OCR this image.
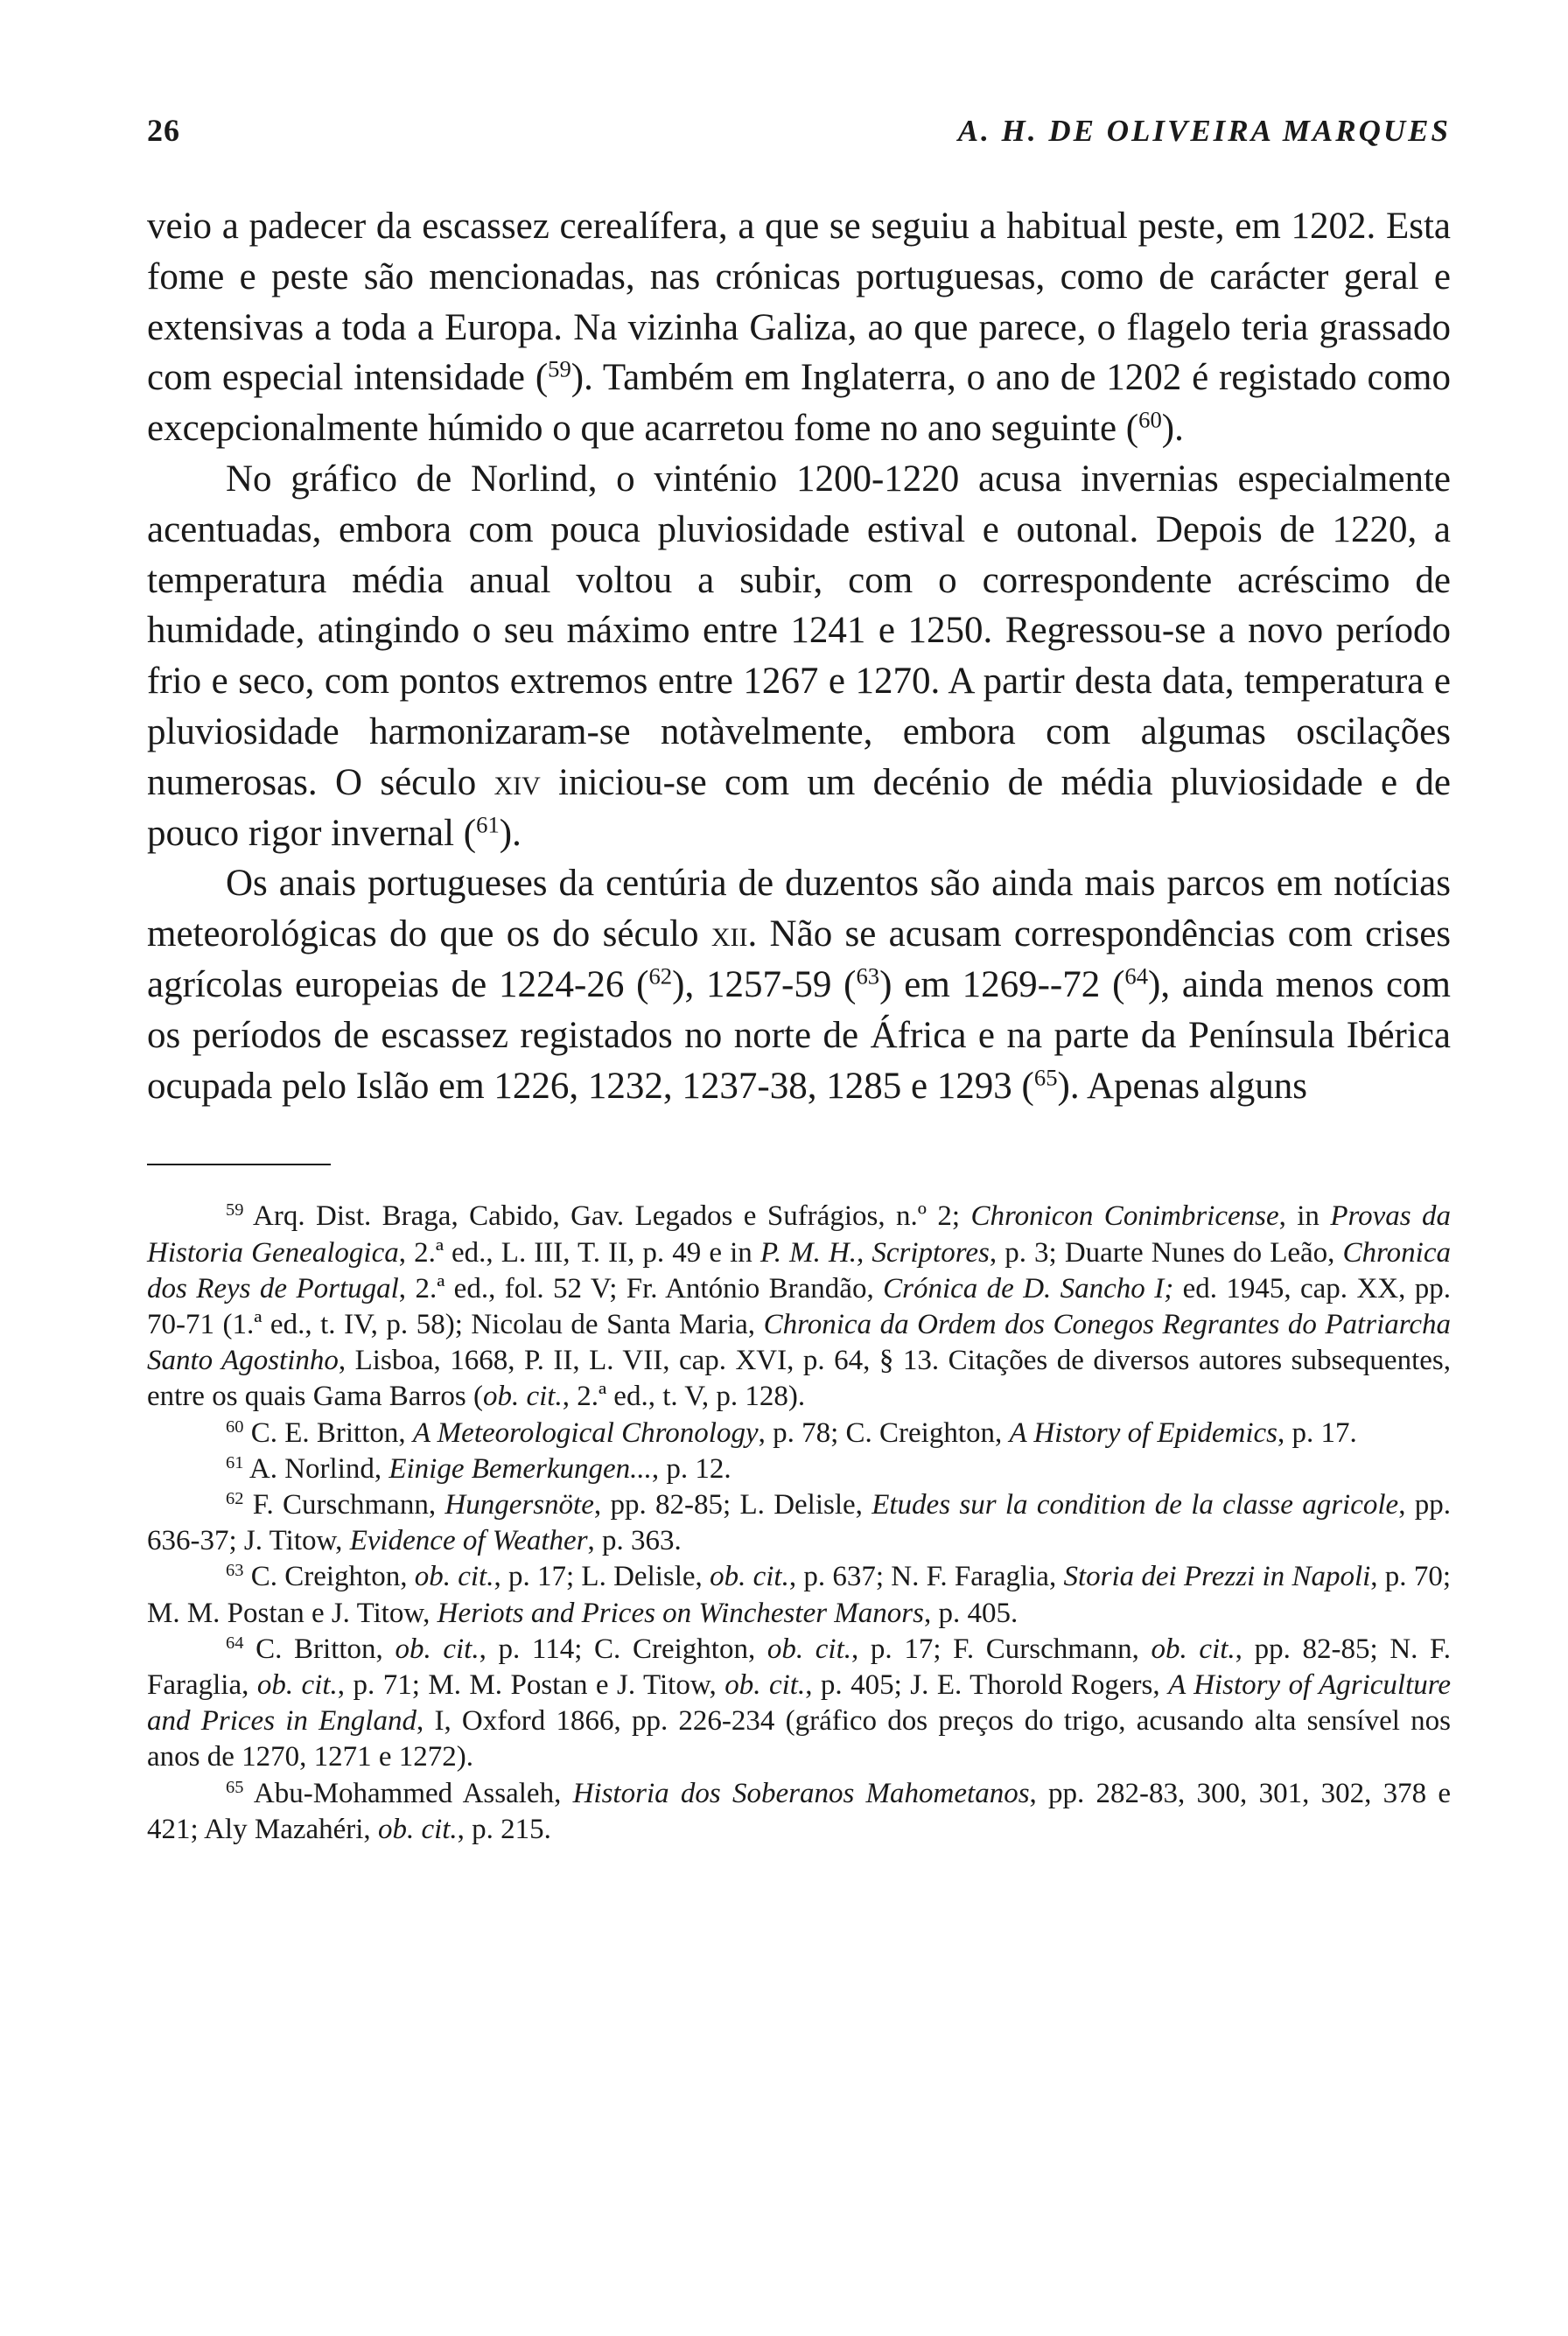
26	A. H. DE OLIVEIRA MARQUES

veio a padecer da escassez cerealífera, a que se seguiu a habitual peste, em 1202. Esta fome e peste são mencionadas, nas crónicas portuguesas, como de carácter geral e extensivas a toda a Europa. Na vizinha Galiza, ao que parece, o flagelo teria grassado com especial intensidade ($^{59}$). Também em Inglaterra, o ano de 1202 é registado como excepcionalmente húmido o que acarretou fome no ano seguinte ($^{60}$).

No gráfico de Norlind, o vinténio 1200-1220 acusa invernias especialmente acentuadas, embora com pouca pluviosidade estival e outonal. Depois de 1220, a temperatura média anual voltou a subir, com o correspondente acréscimo de humidade, atingindo o seu máximo entre 1241 e 1250. Regressou-se a novo período frio e seco, com pontos extremos entre 1267 e 1270. A partir desta data, temperatura e pluviosidade harmonizaram-se notàvelmente, embora com algumas oscilações numerosas. O século xiv iniciou-se com um decénio de média pluviosidade e de pouco rigor invernal ($^{61}$).

Os anais portugueses da centúria de duzentos são ainda mais parcos em notícias meteorológicas do que os do século xii. Não se acusam correspondências com crises agrícolas europeias de 1224-26 ($^{62}$), 1257-59 ($^{63}$) em 1269--72 ($^{64}$), ainda menos com os períodos de escassez registados no norte de África e na parte da Península Ibérica ocupada pelo Islão em 1226, 1232, 1237-38, 1285 e 1293 ($^{65}$). Apenas alguns

$^{59}$ Arq. Dist. Braga, Cabido, Gav. Legados e Sufrágios, n.º 2; Chronicon Conimbricense, in Provas da Historia Genealogica, 2.ª ed., L. III, T. II, p. 49 e in P. M. H., Scriptores, p. 3; Duarte Nunes do Leão, Chronica dos Reys de Portugal, 2.ª ed., fol. 52 V; Fr. António Brandão, Crónica de D. Sancho I; ed. 1945, cap. XX, pp. 70-71 (1.ª ed., t. IV, p. 58); Nicolau de Santa Maria, Chronica da Ordem dos Conegos Regrantes do Patriarcha Santo Agostinho, Lisboa, 1668, P. II, L. VII, cap. XVI, p. 64, § 13. Citações de diversos autores subsequentes, entre os quais Gama Barros (ob. cit., 2.ª ed., t. V, p. 128).

$^{60}$ C. E. Britton, A Meteorological Chronology, p. 78; C. Creighton, A History of Epidemics, p. 17.

$^{61}$ A. Norlind, Einige Bemerkungen..., p. 12.

$^{62}$ F. Curschmann, Hungersnöte, pp. 82-85; L. Delisle, Etudes sur la condition de la classe agricole, pp. 636-37; J. Titow, Evidence of Weather, p. 363.

$^{63}$ C. Creighton, ob. cit., p. 17; L. Delisle, ob. cit., p. 637; N. F. Faraglia, Storia dei Prezzi in Napoli, p. 70; M. M. Postan e J. Titow, Heriots and Prices on Winchester Manors, p. 405.

$^{64}$ C. Britton, ob. cit., p. 114; C. Creighton, ob. cit., p. 17; F. Curschmann, ob. cit., pp. 82-85; N. F. Faraglia, ob. cit., p. 71; M. M. Postan e J. Titow, ob. cit., p. 405; J. E. Thorold Rogers, A History of Agriculture and Prices in England, I, Oxford 1866, pp. 226-234 (gráfico dos preços do trigo, acusando alta sensível nos anos de 1270, 1271 e 1272).

$^{65}$ Abu-Mohammed Assaleh, Historia dos Soberanos Mahometanos, pp. 282-83, 300, 301, 302, 378 e 421; Aly Mazahéri, ob. cit., p. 215.
